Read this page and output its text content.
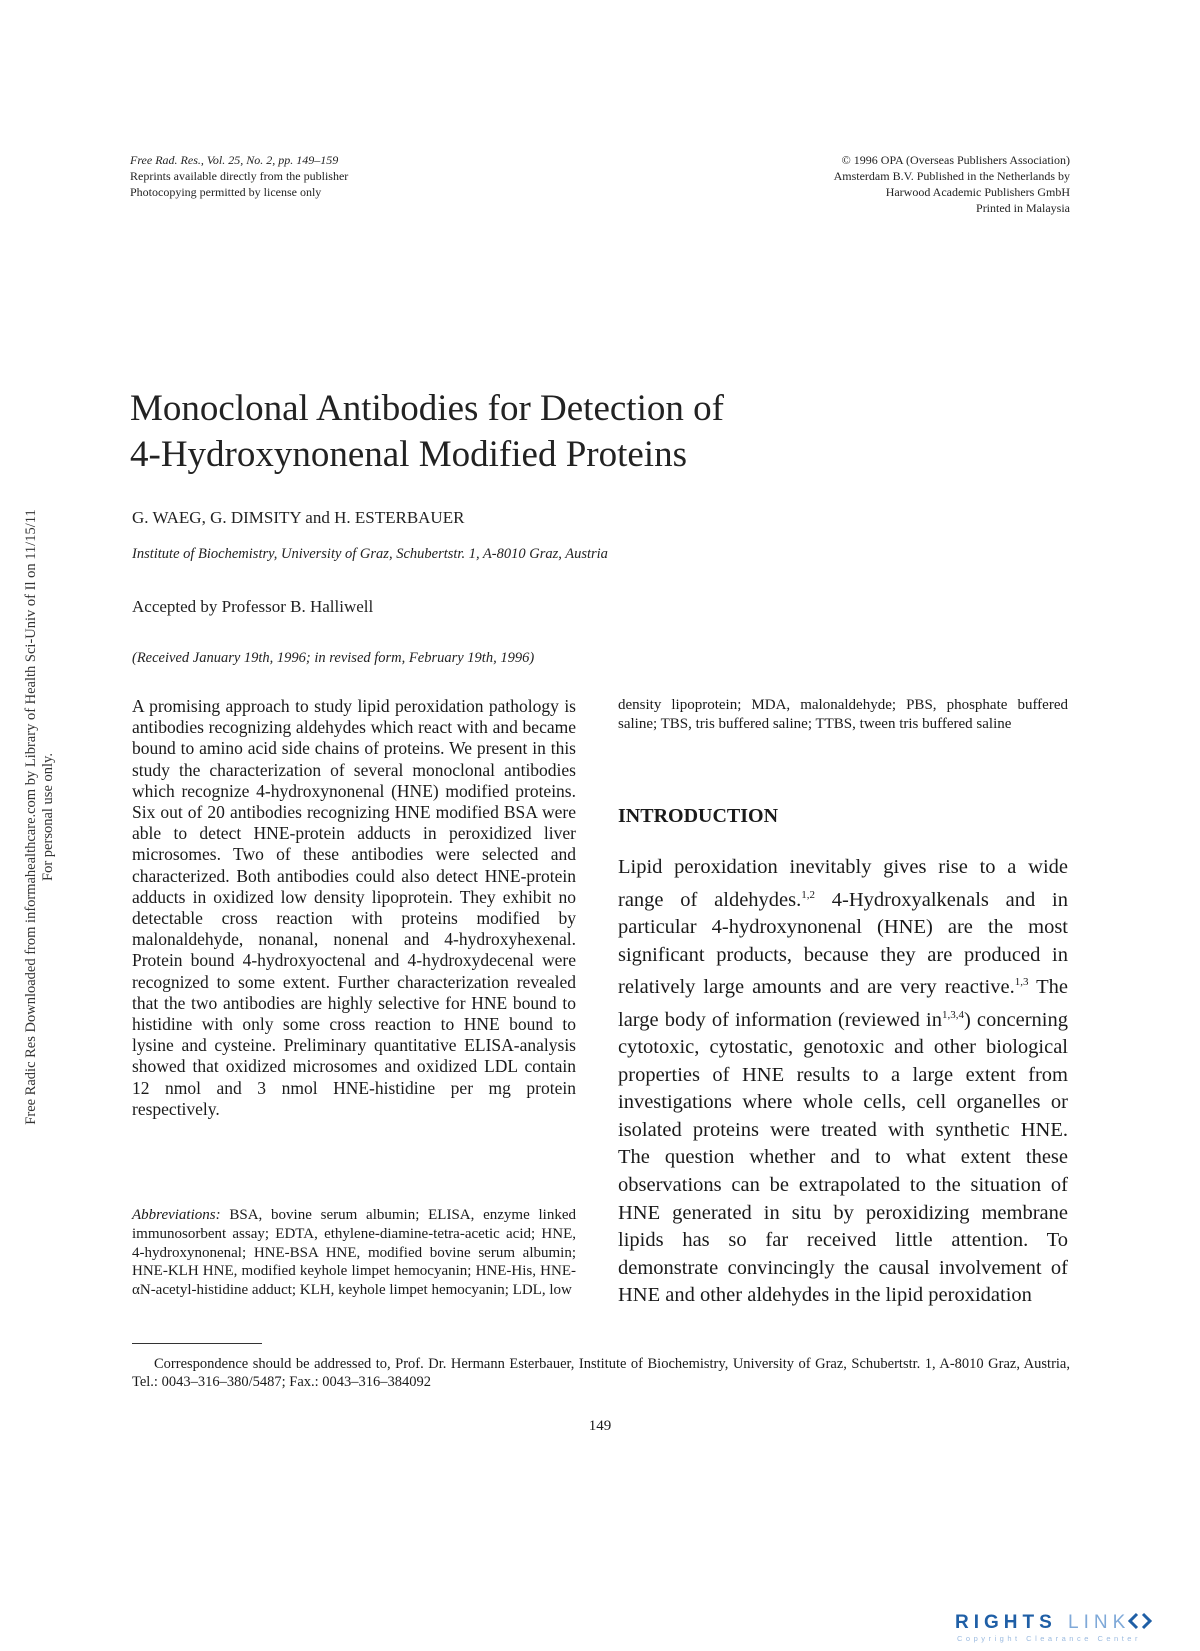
Free Rad. Res., Vol. 25, No. 2, pp. 149–159
Reprints available directly from the publisher
Photocopying permitted by license only
© 1996 OPA (Overseas Publishers Association)
Amsterdam B.V. Published in the Netherlands by
Harwood Academic Publishers GmbH
Printed in Malaysia
Free Radic Res Downloaded from informahealthcare.com by Library of Health Sci-Univ of Il on 11/15/11 For personal use only.
Monoclonal Antibodies for Detection of
4-Hydroxynonenal Modified Proteins
G. WAEG, G. DIMSITY and H. ESTERBAUER
Institute of Biochemistry, University of Graz, Schubertstr. 1, A-8010 Graz, Austria
Accepted by Professor B. Halliwell
(Received January 19th, 1996; in revised form, February 19th, 1996)

A promising approach to study lipid peroxidation pathology is antibodies recognizing aldehydes which react with and became bound to amino acid side chains of proteins. We present in this study the characterization of several monoclonal antibodies which recognize 4-hydroxynonenal (HNE) modified proteins. Six out of 20 antibodies recognizing HNE modified BSA were able to detect HNE-protein adducts in peroxidized liver microsomes. Two of these antibodies were selected and characterized. Both antibodies could also detect HNE-protein adducts in oxidized low density lipoprotein. They exhibit no detectable cross reaction with proteins modified by malonaldehyde, nonanal, nonenal and 4-hydroxyhexenal. Protein bound 4-hydroxyoctenal and 4-hydroxydecenal were recognized to some extent. Further characterization revealed that the two antibodies are highly selective for HNE bound to histidine with only some cross reaction to HNE bound to lysine and cysteine. Preliminary quantitative ELISA-analysis showed that oxidized microsomes and oxidized LDL contain 12 nmol and 3 nmol HNE-histidine per mg protein respectively.

Abbreviations: BSA, bovine serum albumin; ELISA, enzyme linked immunosorbent assay; EDTA, ethylene-diamine-tetra-acetic acid; HNE, 4-hydroxynonenal; HNE-BSA HNE, modified bovine serum albumin; HNE-KLH HNE, modified keyhole limpet hemocyanin; HNE-His, HNE-αN-acetyl-histidine adduct; KLH, keyhole limpet hemocyanin; LDL, low

density lipoprotein; MDA, malonaldehyde; PBS, phosphate buffered saline; TBS, tris buffered saline; TTBS, tween tris buffered saline

INTRODUCTION

Lipid peroxidation inevitably gives rise to a wide range of aldehydes.$^{1,2}$ 4-Hydroxyalkenals and in particular 4-hydroxynonenal (HNE) are the most significant products, because they are produced in relatively large amounts and are very reactive.$^{1,3}$ The large body of information (reviewed in$^{1,3,4}$) concerning cytotoxic, cytostatic, genotoxic and other biological properties of HNE results to a large extent from investigations where whole cells, cell organelles or isolated proteins were treated with synthetic HNE. The question whether and to what extent these observations can be extrapolated to the situation of HNE generated in situ by peroxidizing membrane lipids has so far received little attention. To demonstrate convincingly the causal involvement of HNE and other aldehydes in the lipid peroxidation

Correspondence should be addressed to, Prof. Dr. Hermann Esterbauer, Institute of Biochemistry, University of Graz, Schubertstr. 1, A-8010 Graz, Austria, Tel.: 0043–316–380/5487; Fax.: 0043–316–384092

149
RIGHTS LINK
Copyright Clearance Center
